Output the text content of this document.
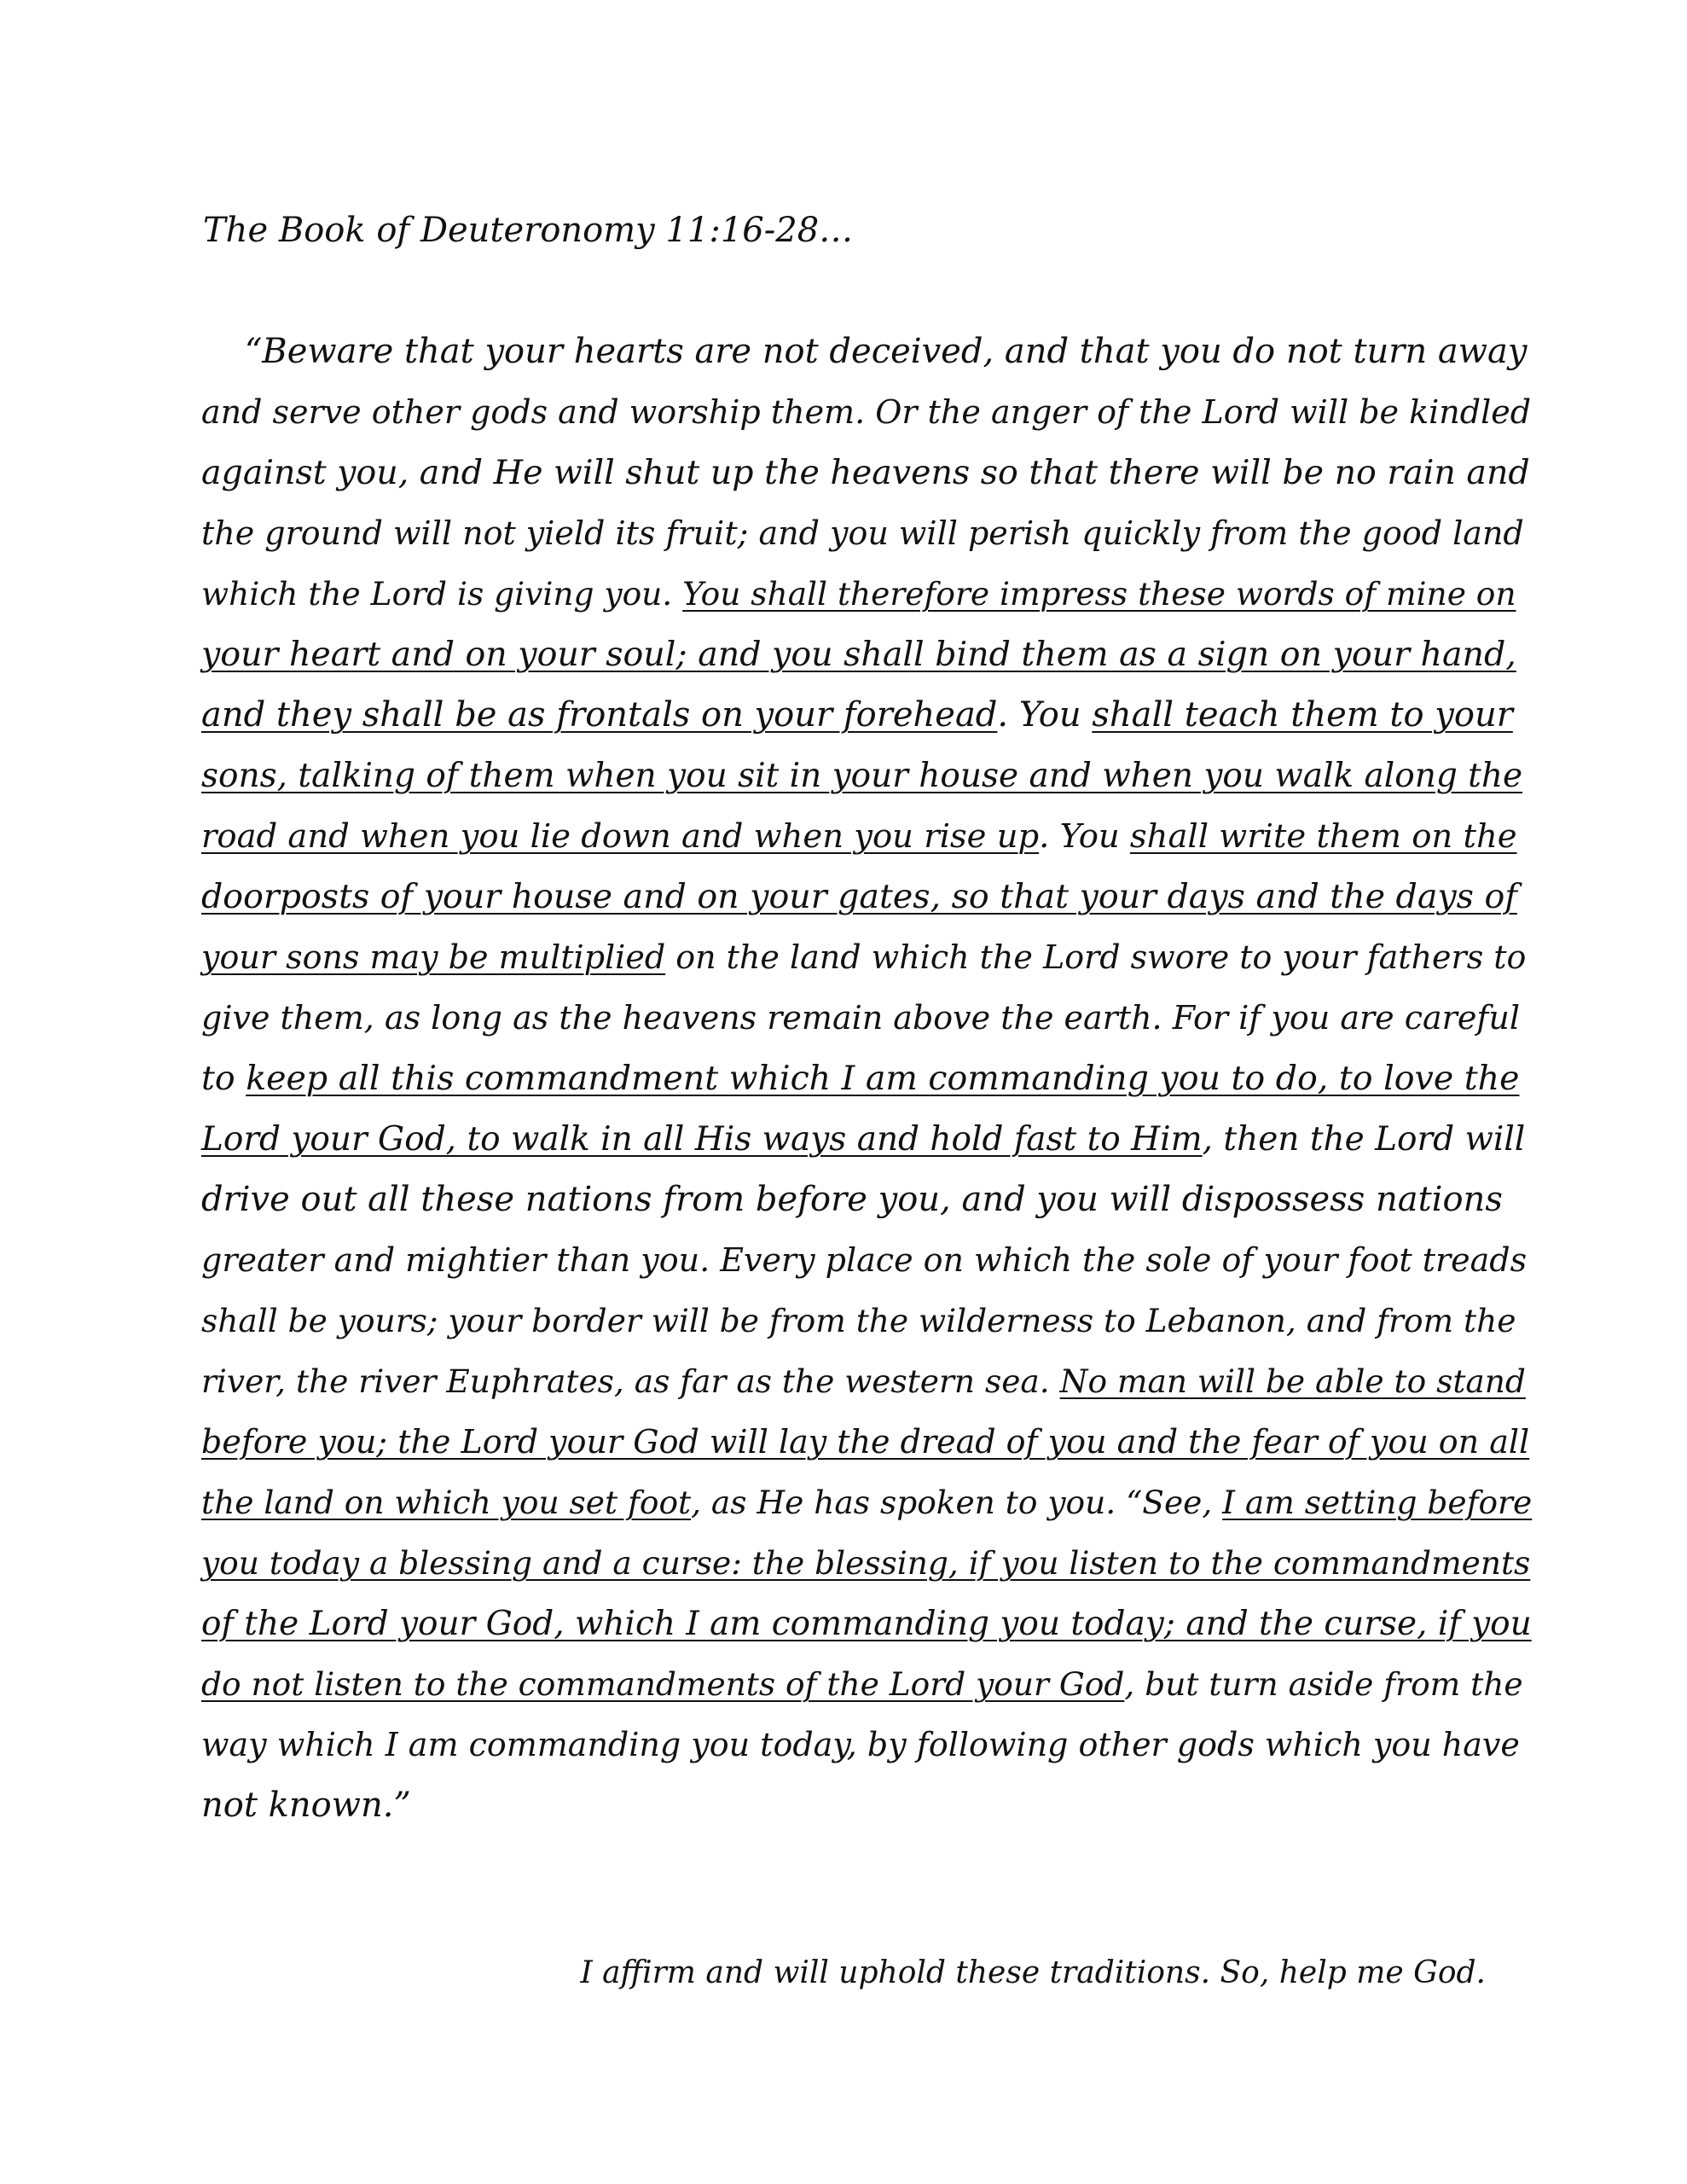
The Book of Deuteronomy 11:16-28…
“Beware that your hearts are not deceived, and that you do not turn away
and serve other gods and worship them. Or the anger of the Lord will be kindled
against you, and He will shut up the heavens so that there will be no rain and
the ground will not yield its fruit; and you will perish quickly from the good land
which the Lord is giving you. You shall therefore impress these words of mine on
your heart and on your soul; and you shall bind them as a sign on your hand,
and they shall be as frontals on your forehead. You shall teach them to your
sons, talking of them when you sit in your house and when you walk along the
road and when you lie down and when you rise up. You shall write them on the
doorposts of your house and on your gates, so that your days and the days of
your sons may be multiplied on the land which the Lord swore to your fathers to
give them, as long as the heavens remain above the earth. For if you are careful
to keep all this commandment which I am commanding you to do, to love the
Lord your God, to walk in all His ways and hold fast to Him, then the Lord will
drive out all these nations from before you, and you will dispossess nations
greater and mightier than you. Every place on which the sole of your foot treads
shall be yours; your border will be from the wilderness to Lebanon, and from the
river, the river Euphrates, as far as the western sea. No man will be able to stand
before you; the Lord your God will lay the dread of you and the fear of you on all
the land on which you set foot, as He has spoken to you. “See, I am setting before
you today a blessing and a curse: the blessing, if you listen to the commandments
of the Lord your God, which I am commanding you today; and the curse, if you
do not listen to the commandments of the Lord your God, but turn aside from the
way which I am commanding you today, by following other gods which you have
not known.”
I affirm and will uphold these traditions. So, help me God.
